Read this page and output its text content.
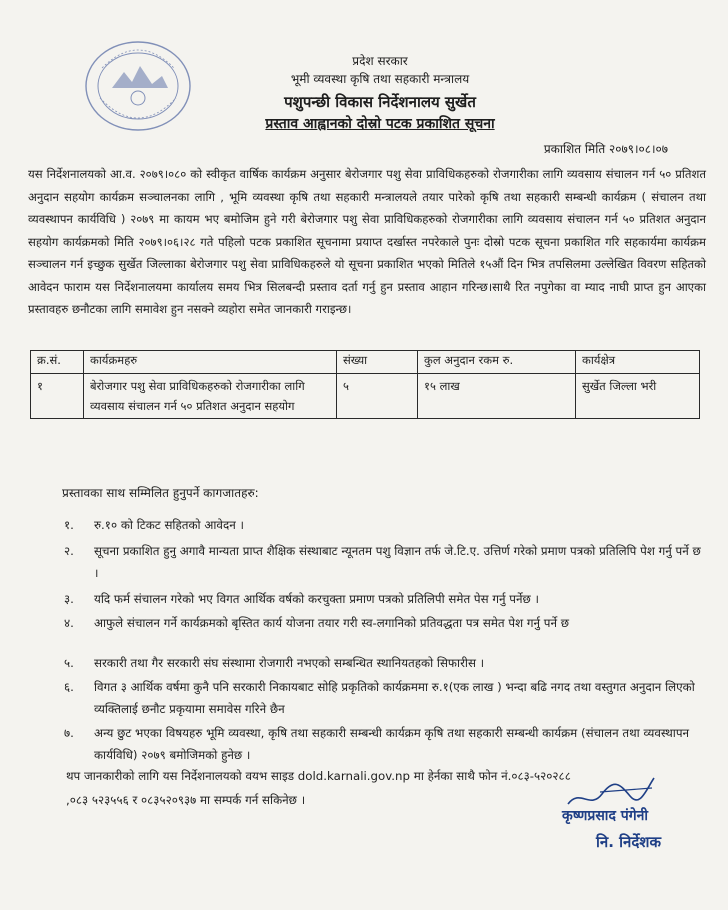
प्रदेश सरकार
भूमी व्यवस्था कृषि तथा सहकारी मन्त्रालय
पशुपन्छी विकास निर्देशनालय सुर्खेत
प्रस्ताव आह्वानको दोस्रो पटक प्रकाशित सूचना
प्रकाशित मिति २०७९।०८।०७
यस निर्देशनालयको आ.व. २०७९।०८० को स्वीकृत वार्षिक कार्यक्रम अनुसार बेरोजगार पशु सेवा प्राविधिकहरुको रोजगारीका लागि व्यवसाय संचालन गर्न ५० प्रतिशत अनुदान सहयोग कार्यक्रम सञ्चालनका लागि , भूमि व्यवस्था कृषि तथा सहकारी मन्त्रालयले तयार पारेको कृषि तथा सहकारी सम्बन्धी कार्यक्रम ( संचालन तथा व्यवस्थापन कार्यविधि ) २०७९ मा कायम भए बमोजिम हुने गरी बेरोजगार पशु सेवा प्राविधिकहरुको रोजगारीका लागि व्यवसाय संचालन गर्न ५० प्रतिशत अनुदान सहयोग कार्यक्रमको मिति २०७९।०६।२८ गते पहिलो पटक प्रकाशित सूचनामा प्रयाप्त दर्खास्त नपरेकाले पुनः दोस्रो पटक सूचना प्रकाशित गरि सहकार्यमा कार्यक्रम सञ्चालन गर्न इच्छुक सुर्खेत जिल्लाका बेरोजगार पशु सेवा प्राविधिकहरुले यो सूचना प्रकाशित भएको मितिले १५औं दिन भित्र तपसिलमा उल्लेखित विवरण सहितको आवेदन फाराम यस निर्देशनालयमा कार्यालय समय भित्र सिलबन्दी प्रस्ताव दर्ता गर्नु हुन प्रस्ताव आहान गरिन्छ।साथै रित नपुगेका वा म्याद नाघी प्राप्त हुन आएका प्रस्तावहरु छनौटका लागि समावेश हुन नसक्ने व्यहोरा समेत जानकारी गराइन्छ।
क्र.सं.	कार्यक्रमहरु	संख्या	कुल अनुदान रकम रु.	कार्यक्षेत्र
१	बेरोजगार पशु सेवा प्राविधिकहरुको रोजगारीका लागि व्यवसाय संचालन गर्न ५० प्रतिशत अनुदान सहयोग	५	१५ लाख	सुर्खेत जिल्ला भरी
प्रस्तावका साथ सम्मिलित हुनुपर्ने कागजातहरु:
१. रु.१० को टिकट सहितको आवेदन ।
२. सूचना प्रकाशित हुनु अगावै मान्यता प्राप्त शैक्षिक संस्थाबाट न्यूनतम पशु विज्ञान तर्फ जे.टि.ए. उत्तिर्ण गरेको प्रमाण पत्रको प्रतिलिपि पेश गर्नु पर्ने छ ।
३. यदि फर्म संचालन गरेको भए विगत आर्थिक वर्षको करचुक्ता प्रमाण पत्रको प्रतिलिपी समेत पेस गर्नु पर्नेछ ।
४. आफुले संचालन गर्ने कार्यक्रमको बृस्तित कार्य योजना तयार गरी स्व-लगानिको प्रतिवद्धता पत्र समेत पेश गर्नु पर्ने छ
५. सरकारी तथा गैर सरकारी संघ संस्थामा रोजगारी नभएको सम्बन्धित स्थानियतहको सिफारीस ।
६. विगत ३ आर्थिक वर्षमा कुनै पनि सरकारी निकायबाट सोहि प्रकृतिको कार्यक्रममा रु.१(एक लाख ) भन्दा बढि नगद तथा वस्तुगत अनुदान लिएको व्यक्तिलाई छनौट प्रकृयामा समावेस गरिने छैन
७. अन्य छुट भएका विषयहरु भूमि व्यवस्था, कृषि तथा सहकारी सम्बन्धी कार्यक्रम कृषि तथा सहकारी सम्बन्धी कार्यक्रम (संचालन तथा व्यवस्थापन कार्यविधि) २०७९ बमोजिमको हुनेछ ।
थप जानकारीको लागि यस निर्देशनालयको वयभ साइड dold.karnali.gov.np मा हेर्नका साथै फोन नं.०८३-५२०२८८
,०८३ ५२३५५६ र ०८३५२०९३७ मा सम्पर्क गर्न सकिनेछ ।
कृष्णप्रसाद पंगेनी
नि. निर्देशक
